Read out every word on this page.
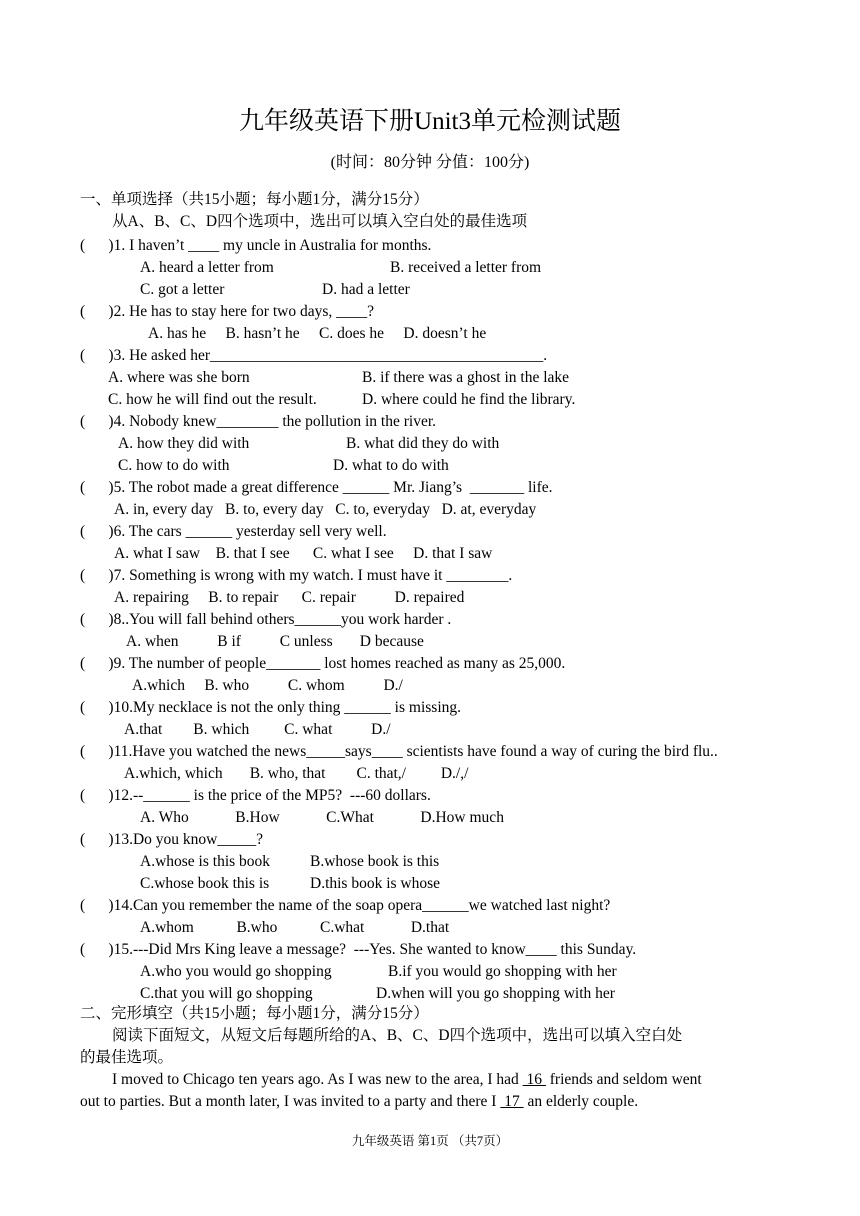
九年级英语下册Unit3单元检测试题
(时间：80分钟 分值：100分)
一、单项选择（共15小题；每小题1分，满分15分）
从A、B、C、D四个选项中，选出可以填入空白处的最佳选项
(      )1. I haven’t ____ my uncle in Australia for months.
A. heard a letter from	B. received a letter from
C. got a letter	D. had a letter
(      )2. He has to stay here for two days, ____?
A. has he     B. hasn’t he     C. does he     D. doesn’t he
(      )3. He asked her___________________________________________.
A. where was she born	B. if there was a ghost in the lake
C. how he will find out the result.	D. where could he find the library.
(      )4. Nobody knew________ the pollution in the river.
A. how they did with	B. what did they do with
C. how to do with	D. what to do with
(      )5. The robot made a great difference ______ Mr. Jiang’s  _______ life.
A. in, every day   B. to, every day   C. to, everyday   D. at, everyday
(      )6. The cars ______ yesterday sell very well.
A. what I saw    B. that I see      C. what I see     D. that I saw
(      )7. Something is wrong with my watch. I must have it ________.
A. repairing     B. to repair      C. repair          D. repaired
(      )8..You will fall behind others______you work harder .
A. when          B if          C unless       D because
(      )9. The number of people_______ lost homes reached as many as 25,000.
A.which     B. who          C. whom          D./
(      )10.My necklace is not the only thing ______ is missing.
A.that        B. which         C. what          D./
(      )11.Have you watched the news_____says____ scientists have found a way of curing the bird flu..
A.which, which       B. who, that        C. that,/         D./,/
(      )12.--______ is the price of the MP5?  ---60 dollars.
A. Who            B.How            C.What            D.How much
(      )13.Do you know_____?
A.whose is this book	B.whose book is this
C.whose book this is	D.this book is whose
(      )14.Can you remember the name of the soap opera______we watched last night?
A.whom           B.who           C.what            D.that
(      )15.---Did Mrs King leave a message?  ---Yes. She wanted to know____ this Sunday.
A.who you would go shopping	B.if you would go shopping with her
C.that you will go shopping	D.when will you go shopping with her
二、完形填空（共15小题；每小题1分，满分15分）
阅读下面短文，从短文后每题所给的A、B、C、D四个选项中，选出可以填入空白处
的最佳选项。
I moved to Chicago ten years ago. As I was new to the area, I had  16  friends and seldom went
out to parties. But a month later, I was invited to a party and there I  17  an elderly couple.
九年级英语 第1页 （共7页）
